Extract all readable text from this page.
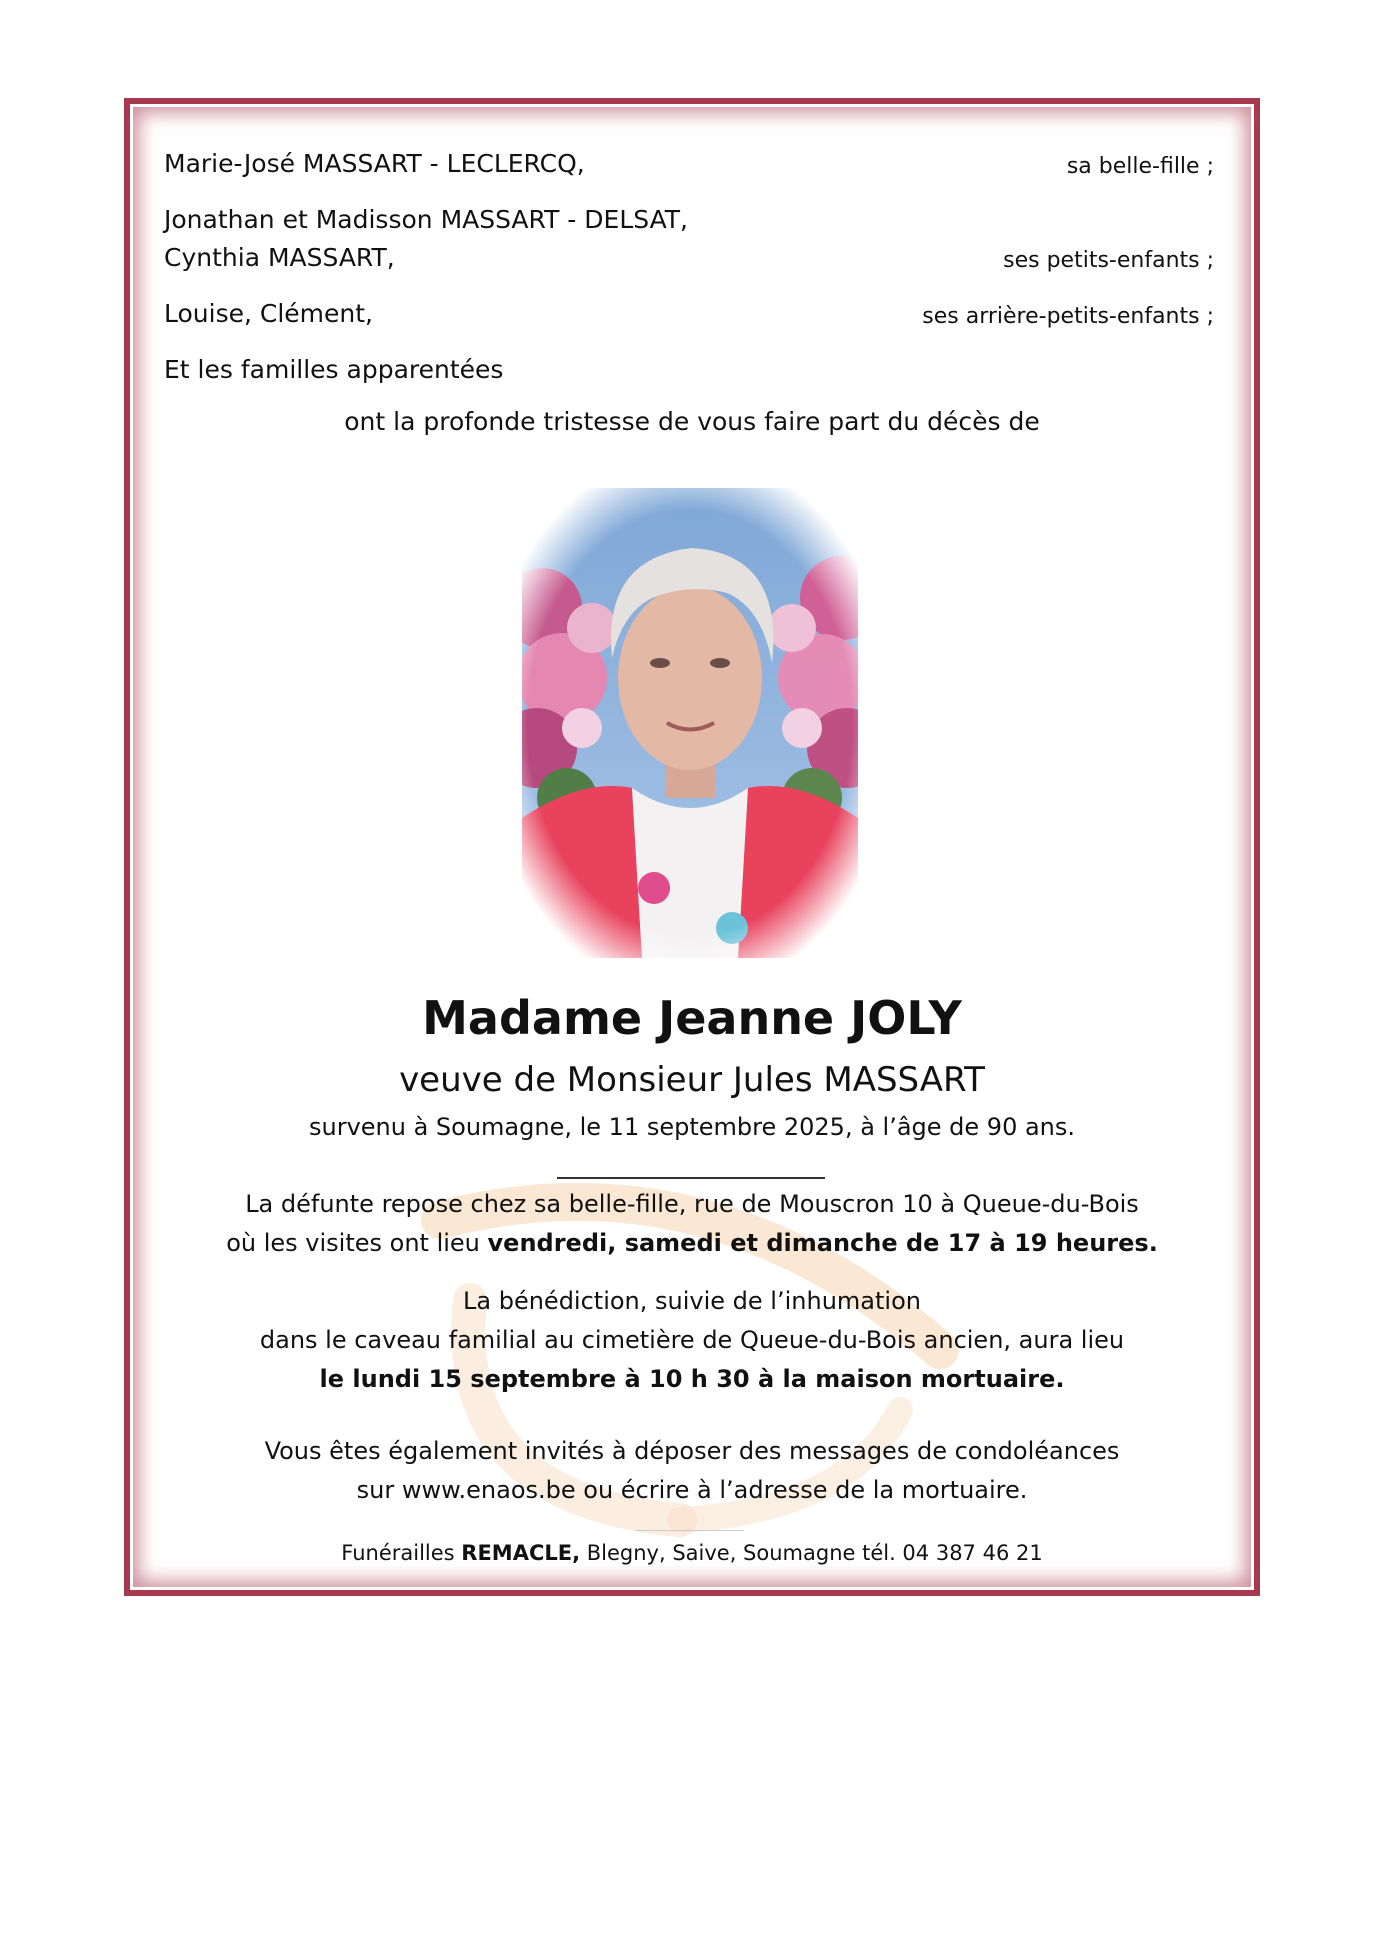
Marie-José MASSART - LECLERCQ,	sa belle-fille ;
Jonathan et Madisson MASSART - DELSAT,
Cynthia MASSART,	ses petits-enfants ;
Louise, Clément,	ses arrière-petits-enfants ;
Et les familles apparentées
ont la profonde tristesse de vous faire part du décès de
Madame Jeanne JOLY
veuve de Monsieur Jules MASSART
survenu à Soumagne, le 11 septembre 2025, à l’âge de 90 ans.
La défunte repose chez sa belle-fille, rue de Mouscron 10 à Queue-du-Bois
où les visites ont lieu vendredi, samedi et dimanche de 17 à 19 heures.
La bénédiction, suivie de l’inhumation
dans le caveau familial au cimetière de Queue-du-Bois ancien, aura lieu
le lundi 15 septembre à 10 h 30 à la maison mortuaire.
Vous êtes également invités à déposer des messages de condoléances
sur www.enaos.be ou écrire à l’adresse de la mortuaire.
Funérailles REMACLE, Blegny, Saive, Soumagne tél. 04 387 46 21
